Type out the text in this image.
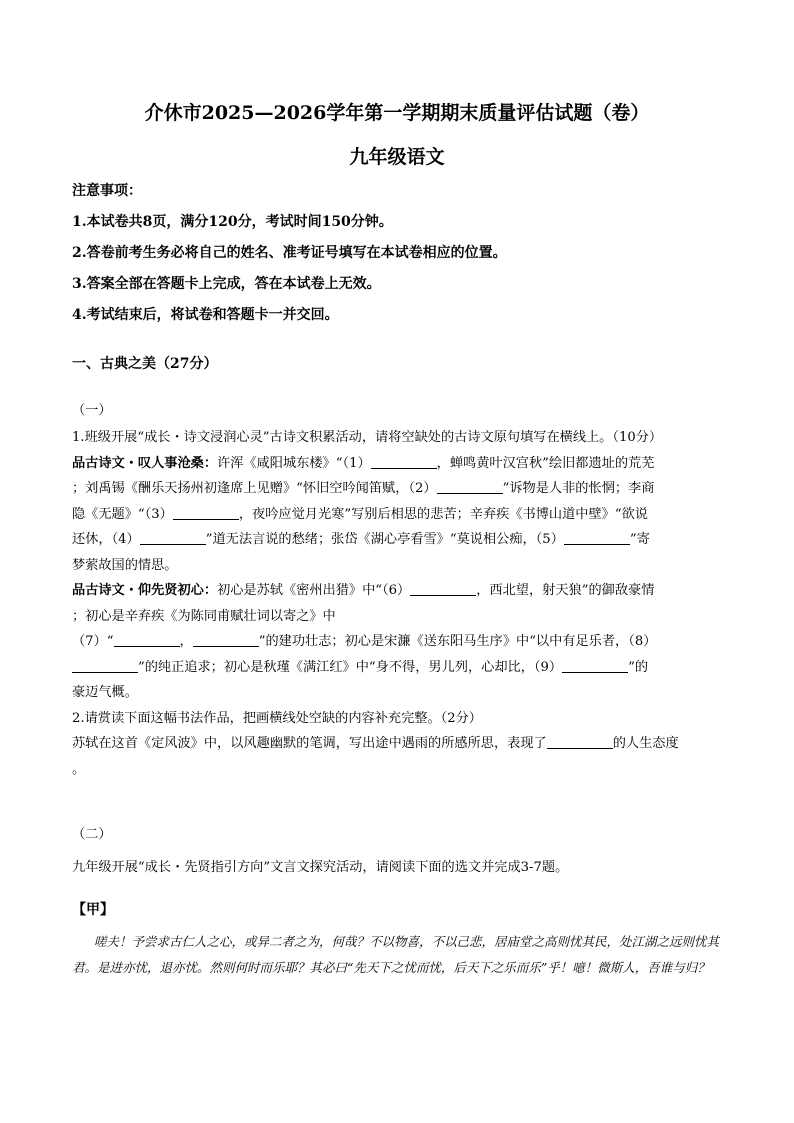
介休市2025—2026学年第一学期期末质量评估试题（卷）
九年级语文
注意事项：
1.本试卷共8页，满分120分，考试时间150分钟。
2.答卷前考生务必将自己的姓名、准考证号填写在本试卷相应的位置。
3.答案全部在答题卡上完成，答在本试卷上无效。
4.考试结束后，将试卷和答题卡一并交回。
一、古典之美（27分）
（一）
1.班级开展“成长・诗文浸润心灵”古诗文积累活动，请将空缺处的古诗文原句填写在横线上。（10分）
品古诗文・叹人事沧桑：许浑《咸阳城东楼》“（1）	，蝉鸣黄叶汉宫秋”绘旧都遗址的荒芜
；刘禹锡《酬乐天扬州初逢席上见赠》“怀旧空吟闻笛赋，（2）	”诉物是人非的怅惘；李商
隐《无题》“（3）	，夜吟应觉月光寒”写别后相思的悲苦；辛弃疾《书博山道中壁》“欲说
还休，（4）	”道无法言说的愁绪；张岱《湖心亭看雪》“莫说相公痴，（5）	”寄
梦萦故国的情思。
品古诗文・仰先贤初心：初心是苏轼《密州出猎》中“（6）	，西北望，射天狼”的御敌豪情
；初心是辛弃疾《为陈同甫赋壮词以寄之》中
（7）“	，	”的建功壮志；初心是宋濂《送东阳马生序》中“以中有足乐者，（8）
”的纯正追求；初心是秋瑾《满江红》中“身不得，男儿列，心却比，（9）	”的
豪迈气概。
2.请赏读下面这幅书法作品，把画横线处空缺的内容补充完整。（2分）
苏轼在这首《定风波》中，以风趣幽默的笔调，写出途中遇雨的所感所思，表现了	的人生态度
。
（二）
九年级开展“成长・先贤指引方向”文言文探究活动，请阅读下面的选文并完成3-7题。
【甲】
嗟夫！予尝求古仁人之心，或异二者之为，何哉？不以物喜，不以己悲，居庙堂之高则忧其民，处江湖之远则忧其君。是进亦忧，退亦忧。然则何时而乐耶？其必曰“先天下之忧而忧，后天下之乐而乐”乎！噫！微斯人，吾谁与归？
